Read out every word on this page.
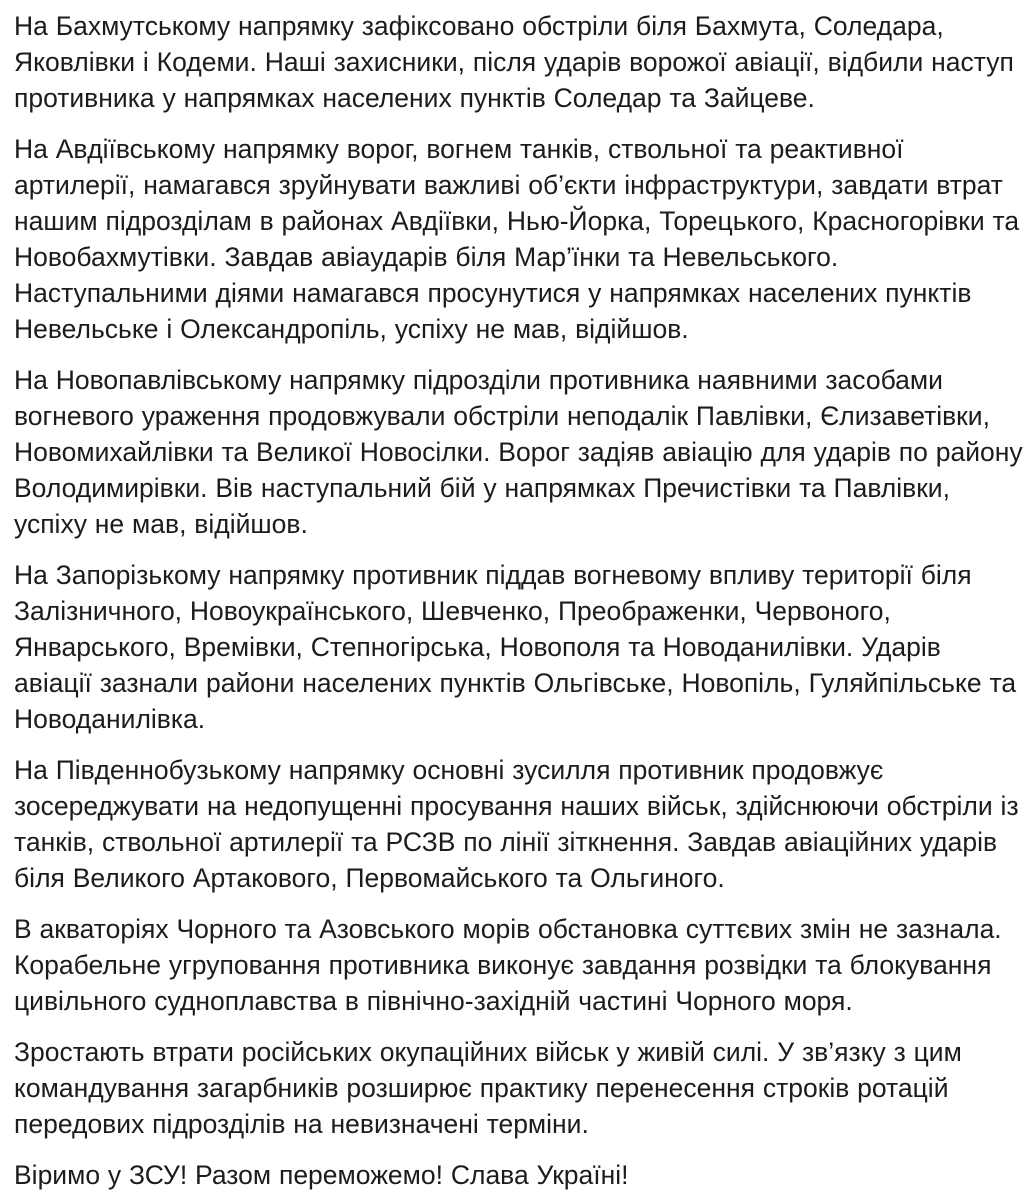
На Бахмутському напрямку зафіксовано обстріли біля Бахмута, Соледара, Яковлівки і Кодеми. Наші захисники, після ударів ворожої авіації, відбили наступ противника у напрямках населених пунктів Соледар та Зайцеве.

На Авдіївському напрямку ворог, вогнем танків, ствольної та реактивної артилерії, намагався зруйнувати важливі об’єкти інфраструктури, завдати втрат нашим підрозділам в районах Авдіївки, Нью-Йорка, Торецького, Красногорівки та Новобахмутівки. Завдав авіаударів біля Мар’їнки та Невельського. Наступальними діями намагався просунутися у напрямках населених пунктів Невельське і Олександропіль, успіху не мав, відійшов.

На Новопавлівському напрямку підрозділи противника наявними засобами вогневого ураження продовжували обстріли неподалік Павлівки, Єлизаветівки, Новомихайлівки та Великої Новосілки. Ворог задіяв авіацію для ударів по району Володимирівки. Вів наступальний бій у напрямках Пречистівки та Павлівки, успіху не мав, відійшов.

На Запорізькому напрямку противник піддав вогневому впливу території біля Залізничного, Новоукраїнського, Шевченко, Преображенки, Червоного, Январського, Времівки, Степногірська, Новополя та Новоданилівки. Ударів авіації зазнали райони населених пунктів Ольгівське, Новопіль, Гуляйпільське та Новоданилівка.

На Південнобузькому напрямку основні зусилля противник продовжує зосереджувати на недопущенні просування наших військ, здійснюючи обстріли із танків, ствольної артилерії та РСЗВ по лінії зіткнення. Завдав авіаційних ударів біля Великого Артакового, Первомайського та Ольгиного.

В акваторіях Чорного та Азовського морів обстановка суттєвих змін не зазнала. Корабельне угруповання противника виконує завдання розвідки та блокування цивільного судноплавства в північно-західній частині Чорного моря.

Зростають втрати російських окупаційних військ у живій силі. У зв’язку з цим командування загарбників розширює практику перенесення строків ротацій передових підрозділів на невизначені терміни.

Віримо у ЗСУ! Разом переможемо! Слава Україні!
